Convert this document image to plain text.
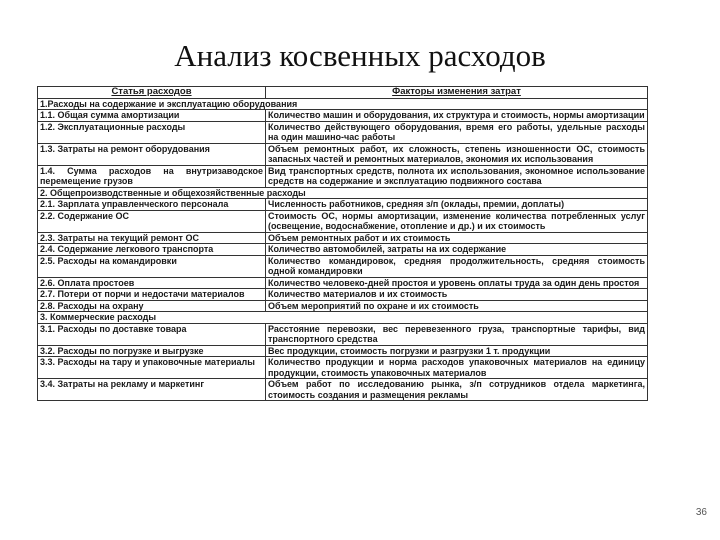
Анализ косвенных расходов
Статья расходов	Факторы изменения затрат
1.Расходы на содержание и эксплуатацию оборудования	
1.1. Общая сумма амортизации	Количество машин и оборудования, их структура и стоимость, нормы амортизации
1.2. Эксплуатационные расходы	Количество действующего оборудования, время его работы, удельные расходы на один машино-час работы
1.3. Затраты на ремонт оборудования	Объем ремонтных работ, их сложность, степень изношенности ОС, стоимость запасных частей и ремонтных материалов, экономия их использования
1.4. Сумма расходов на внутризаводское перемещение грузов	Вид транспортных средств, полнота их использования, экономное использование средств на содержание и эксплуатацию подвижного состава
2. Общепроизводственные и общехозяйственные расходы	
2.1. Зарплата управленческого персонала	Численность работников, средняя з/п (оклады, премии, доплаты)
2.2. Содержание ОС	Стоимость ОС, нормы амортизации, изменение количества потребленных услуг (освещение, водоснабжение, отопление и др.) и их стоимость
2.3. Затраты на текущий ремонт ОС	Объем ремонтных работ и их стоимость
2.4. Содержание легкового транспорта	Количество автомобилей, затраты на их содержание
2.5. Расходы на командировки	Количество командировок, средняя продолжительность, средняя стоимость одной командировки
2.6. Оплата простоев	Количество человеко-дней простоя и уровень оплаты труда за один день простоя
2.7. Потери от порчи и недостачи материалов	Количество материалов и их стоимость
2.8. Расходы на охрану	Объем мероприятий по охране и их стоимость
3. Коммерческие расходы	
3.1. Расходы по доставке товара	Расстояние перевозки, вес перевезенного груза, транспортные тарифы, вид транспортного средства
3.2. Расходы по погрузке и выгрузке	Вес продукции, стоимость погрузки и разгрузки 1 т. продукции
3.3. Расходы на тару и упаковочные материалы	Количество продукции и норма расходов упаковочных материалов на единицу продукции, стоимость упаковочных материалов
3.4. Затраты на рекламу и маркетинг	Объем работ по исследованию рынка, з/п сотрудников отдела маркетинга, стоимость создания и размещения рекламы
36
